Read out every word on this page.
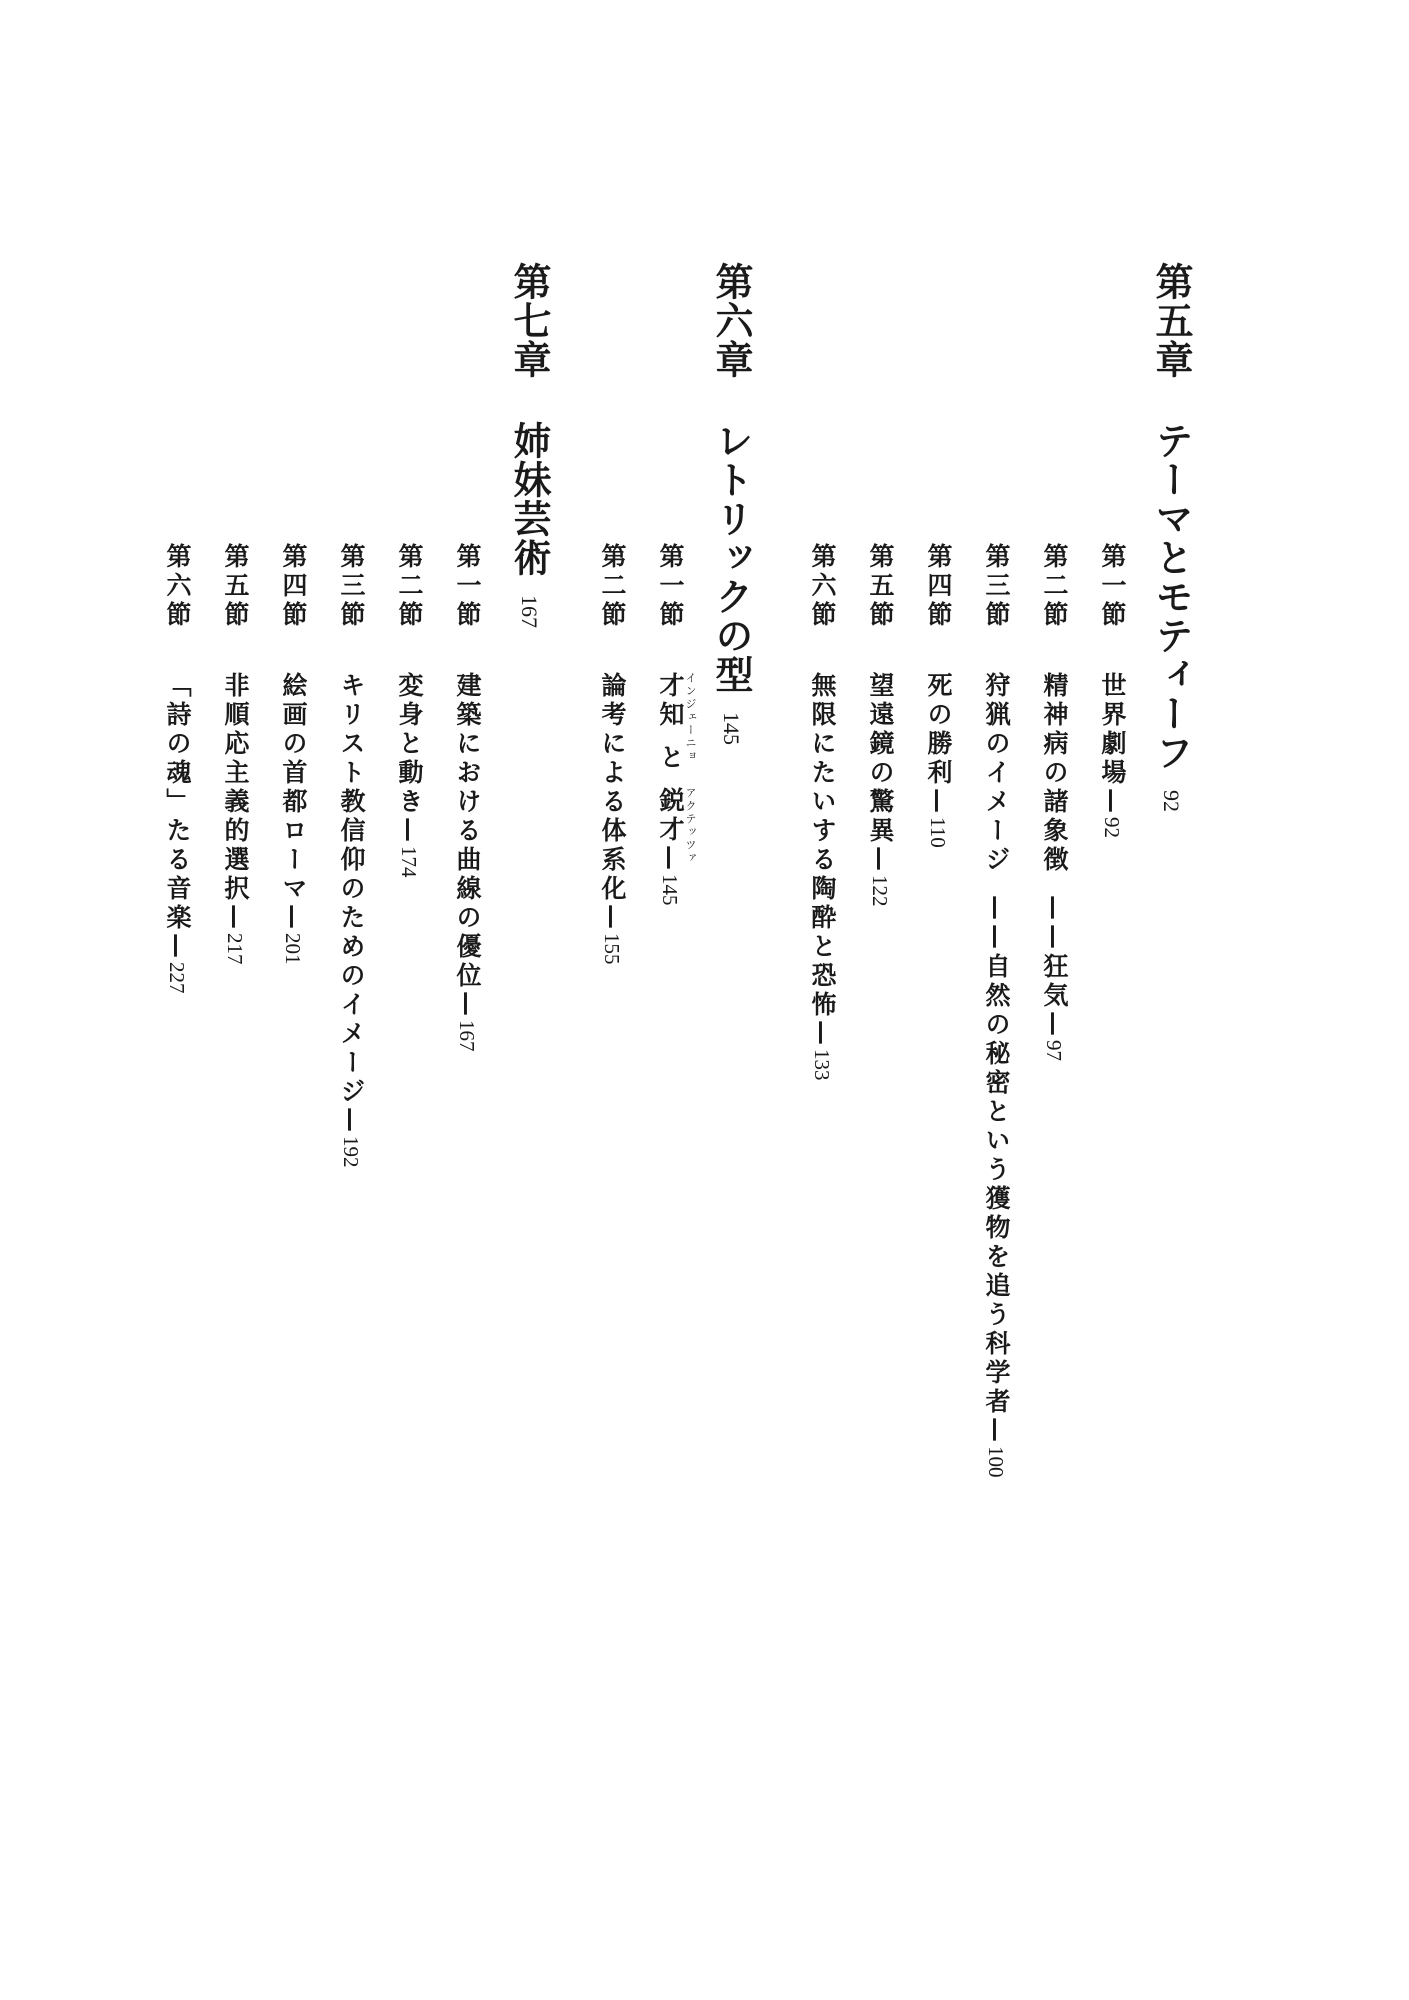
第五章テーマとモティーフ92
第一節世界劇場—92
第二節精神病の諸象徴——狂気—97
第三節狩猟のイメージ——自然の秘密という獲物を追う科学者—100
第四節死の勝利—110
第五節望遠鏡の驚異—122
第六節無限にたいする陶酔と恐怖—133
第六章レトリックの型145
第一節才知 インジェーニョ
と鋭才 アクテッツァ
—145
第二節論考による体系化—155
第七章姉妹芸術167
第一節建築における曲線の優位—167
第二節変身と動き—174
第三節キリスト教信仰のためのイメージ—192
第四節絵画の首都ローマ—201
第五節非順応主義的選択—217
第六節「詩の魂」たる音楽—227
